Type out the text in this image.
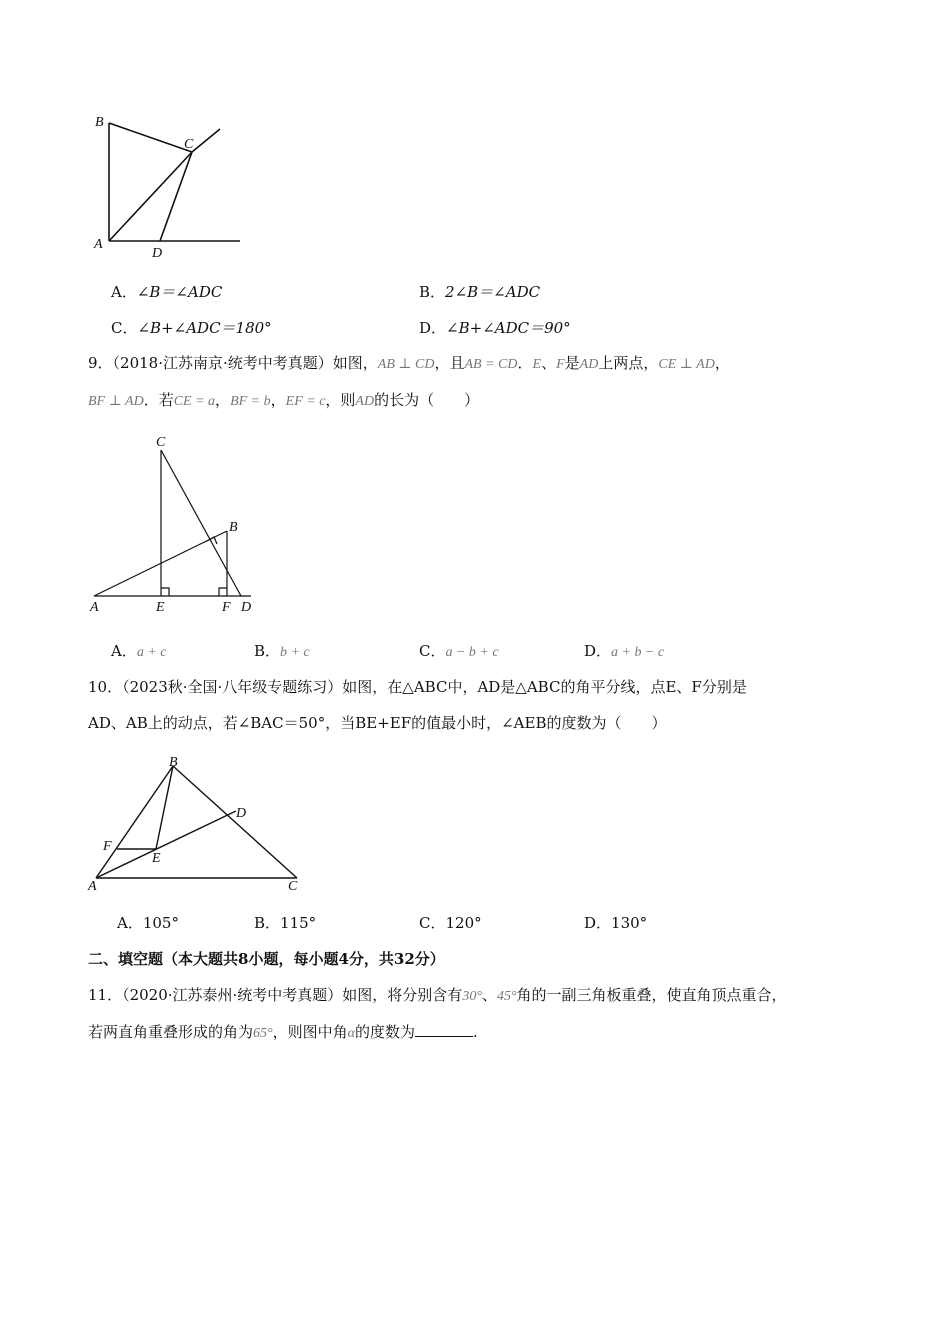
B
C
A
D
A．∠B＝∠ADC	B．2∠B＝∠ADC
C．∠B+∠ADC＝180°	D．∠B+∠ADC＝90°
9．（2018·江苏南京·统考中考真题）如图，AB ⊥ CD，且AB = CD．E、F是AD上两点，CE ⊥ AD，
BF ⊥ AD．若CE = a，BF = b，EF = c，则AD的长为（　　）
C
B
A	E	F D
A．a + c	B．b + c	C．a − b + c	D．a + b − c
10．（2023秋·全国·八年级专题练习）如图，在△ABC中，AD是△ABC的角平分线，点E、F分别是
AD、AB上的动点，若∠BAC＝50°，当BE+EF的值最小时，∠AEB的度数为（　　）
B
D
F
E
A	C
A．105°	B．115°	C．120°	D．130°
二、填空题（本大题共8小题，每小题4分，共32分）
11．（2020·江苏泰州·统考中考真题）如图，将分别含有30°、45°角的一副三角板重叠，使直角顶点重合，
若两直角重叠形成的角为65°，则图中角α的度数为	.
